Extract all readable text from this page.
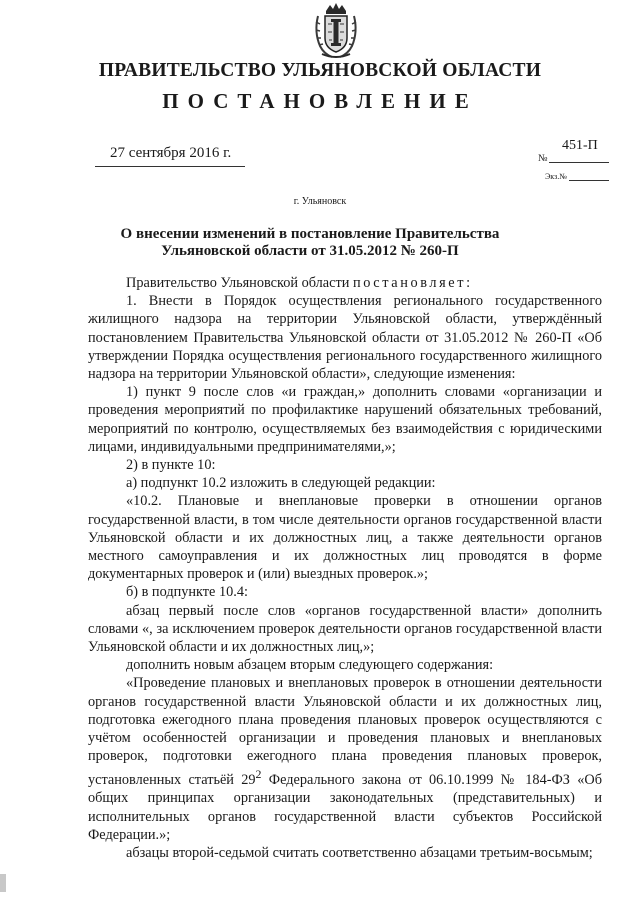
ПРАВИТЕЛЬСТВО УЛЬЯНОВСКОЙ ОБЛАСТИ
ПОСТАНОВЛЕНИЕ
27 сентября 2016 г.	451-П
№
Экз.№
г. Ульяновск
О внесении изменений в постановление Правительства
Ульяновской области от 31.05.2012 № 260-П

Правительство Ульяновской области постановляет:

1. Внести в Порядок осуществления регионального государственного жилищного надзора на территории Ульяновской области, утверждённый постановлением Правительства Ульяновской области от 31.05.2012 № 260-П «Об утверждении Порядка осуществления регионального государственного жилищного надзора на территории Ульяновской области», следующие изменения:

1) пункт 9 после слов «и граждан,» дополнить словами «организации и проведения мероприятий по профилактике нарушений обязательных требований, мероприятий по контролю, осуществляемых без взаимодействия с юридическими лицами, индивидуальными предпринимателями,»;

2) в пункте 10:

а) подпункт 10.2 изложить в следующей редакции:

«10.2. Плановые и внеплановые проверки в отношении органов государственной власти, в том числе деятельности органов государственной власти Ульяновской области и их должностных лиц, а также деятельности органов местного самоуправления и их должностных лиц проводятся в форме документарных проверок и (или) выездных проверок.»;

б) в подпункте 10.4:

абзац первый после слов «органов государственной власти» дополнить словами «, за исключением проверок деятельности органов государственной власти Ульяновской области и их должностных лиц,»;

дополнить новым абзацем вторым следующего содержания:

«Проведение плановых и внеплановых проверок в отношении деятельности органов государственной власти Ульяновской области и их должностных лиц, подготовка ежегодного плана проведения плановых проверок осуществляются с учётом особенностей организации и проведения плановых и внеплановых проверок, подготовки ежегодного плана проведения плановых проверок, установленных статьёй $29^2$ Федерального закона от 06.10.1999 № 184-ФЗ «Об общих принципах организации законодательных (представительных) и исполнительных органов государственной власти субъектов Российской Федерации.»;

абзацы второй-седьмой считать соответственно абзацами третьим-восьмым;
